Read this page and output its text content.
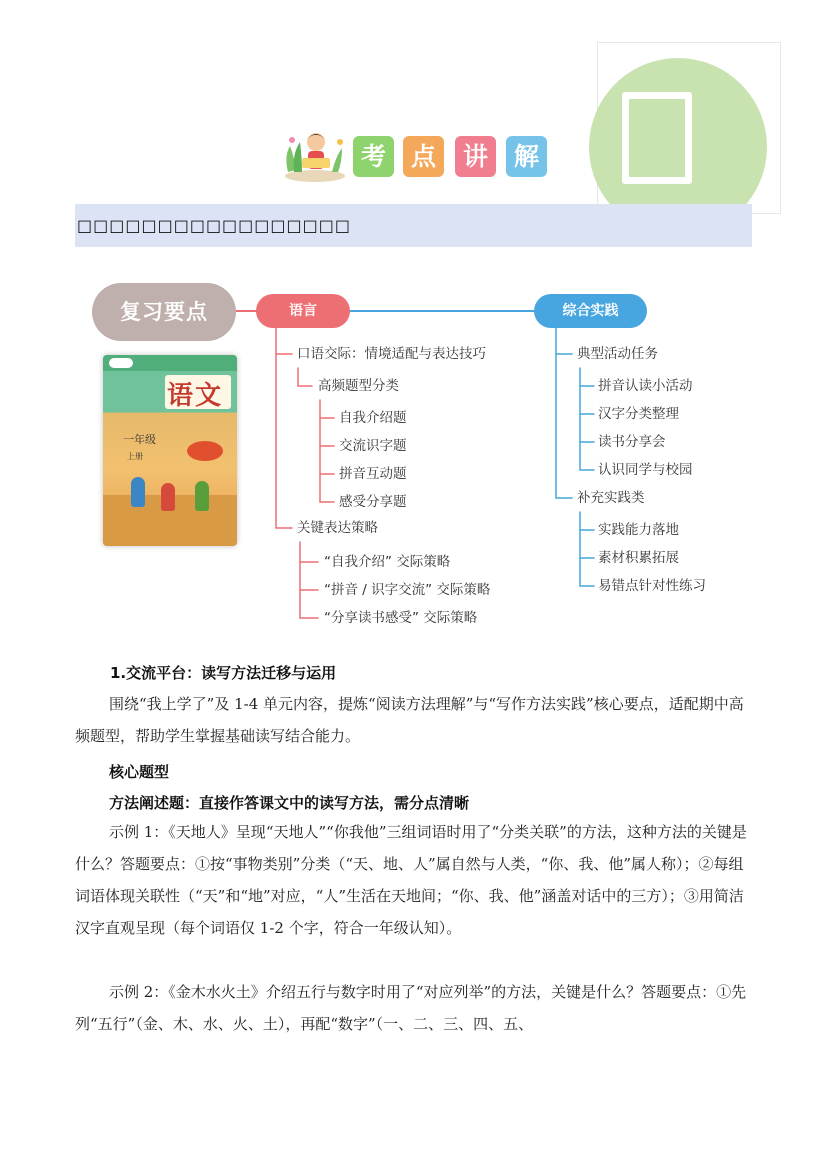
考 点	讲	解
□□□□□□□□□□□□□□□□□
复习要点	语言	综合实践
口语交际：情境适配与表达技巧
高频题型分类
自我介绍题
交流识字题
拼音互动题
感受分享题
关键表达策略
“自我介绍” 交际策略
“拼音 / 识字交流” 交际策略
“分享读书感受” 交际策略
典型活动任务
拼音认读小活动
汉字分类整理
读书分享会
认识同学与校园
补充实践类
实践能力落地
素材积累拓展
易错点针对性练习
语文
一年级
上册
1.交流平台：读写方法迁移与运用
围绕“我上学了”及 1-4 单元内容，提炼“阅读方法理解”与“写作方法实践”核心要点，适配期中高频题型，帮助学生掌握基础读写结合能力。
核心题型
方法阐述题：直接作答课文中的读写方法，需分点清晰
示例 1：《天地人》呈现“天地人”“你我他”三组词语时用了“分类关联”的方法，这种方法的关键是什么？答题要点：①按“事物类别”分类（“天、地、人”属自然与人类，“你、我、他”属人称）；②每组词语体现关联性（“天”和“地”对应，“人”生活在天地间；“你、我、他”涵盖对话中的三方）；③用简洁汉字直观呈现（每个词语仅 1-2 个字，符合一年级认知）。
示例 2：《金木水火土》介绍五行与数字时用了“对应列举”的方法，关键是什么？答题要点：①先列“五行”（金、木、水、火、土），再配“数字”（一、二、三、四、五、
